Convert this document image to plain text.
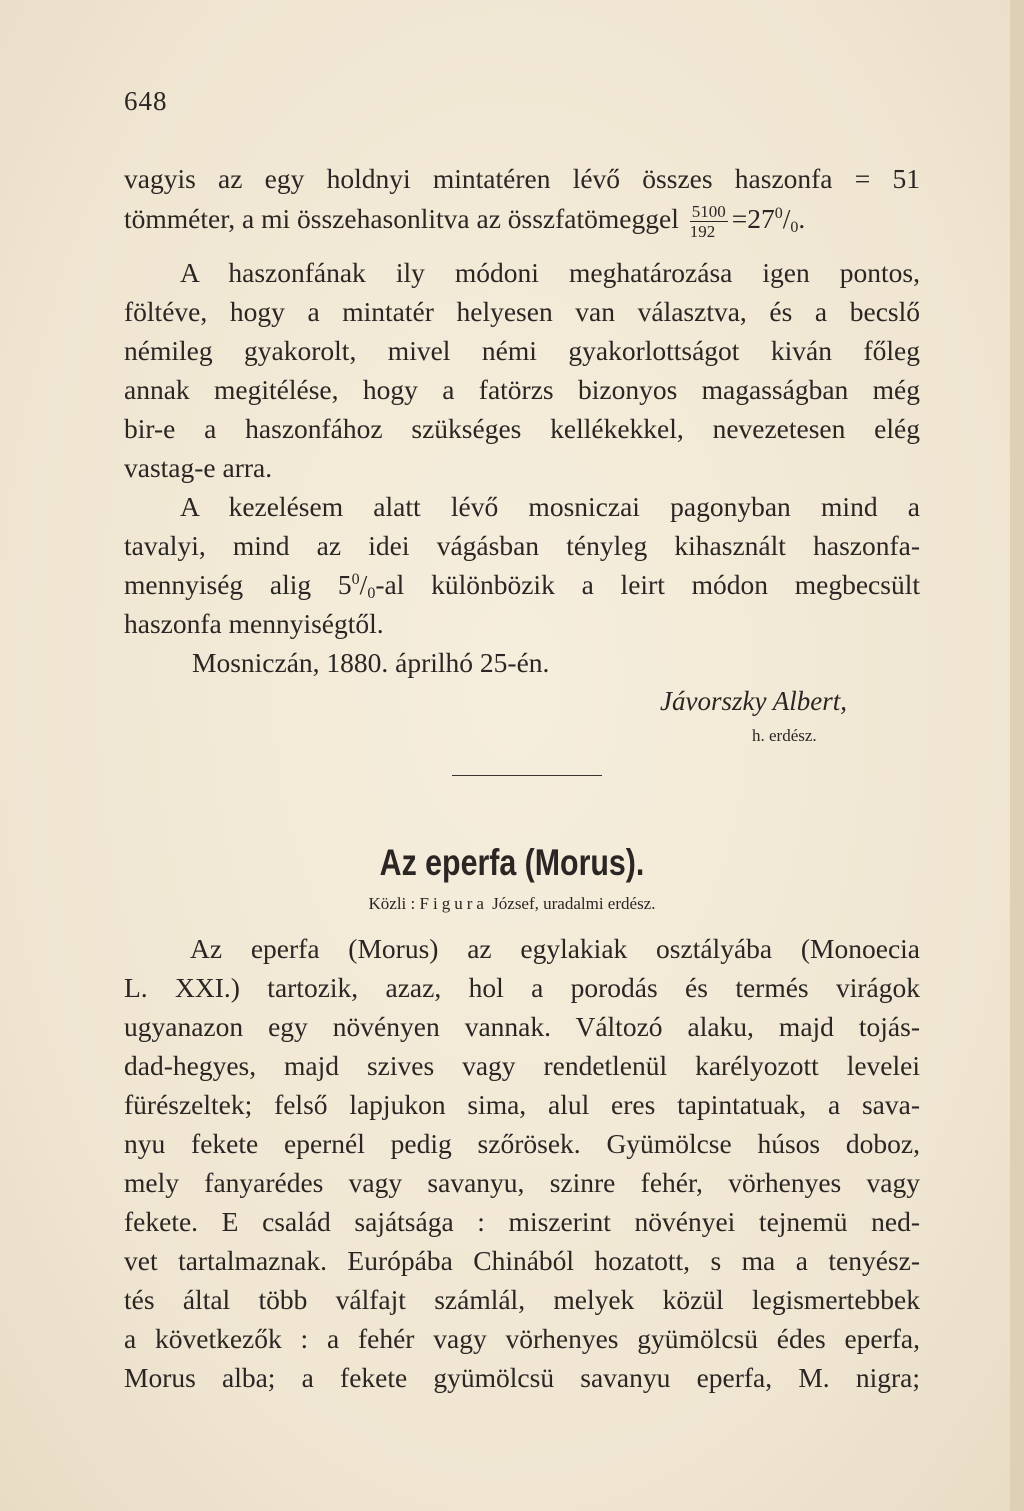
648
vagyis az egy holdnyi mintatéren lévő összes haszonfa = 51
tömméter, a mi összehasonlitva az összfatömeggel $\frac{5100}{192} =27^0/_0$.
A haszonfának ily módoni meghatározása igen pontos,
föltéve, hogy a mintatér helyesen van választva, és a becslő
némileg gyakorolt, mivel némi gyakorlottságot kiván főleg
annak megitélése, hogy a fatörzs bizonyos magasságban még
bir-e a haszonfához szükséges kellékekkel, nevezetesen elég
vastag-e arra.
A kezelésem alatt lévő mosniczai pagonyban mind a
tavalyi, mind az idei vágásban tényleg kihasznált haszonfa-
mennyiség alig $5^0/_0-al$ különbözik a leirt módon megbecsült
haszonfa mennyiségtől.
Mosniczán, 1880. áprilhó 25-én.
Jávorszky Albert,
h. erdész.
Az eperfa (Morus).
Közli : Figura József, uradalmi erdész.
Az eperfa (Morus) az egylakiak osztályába (Monoecia
L. XXI.) tartozik, azaz, hol a porodás és termés virágok
ugyanazon egy növényen vannak. Változó alaku, majd tojás-
dad-hegyes, majd szives vagy rendetlenül karélyozott levelei
fürészeltek; felső lapjukon sima, alul eres tapintatuak, a sava-
nyu fekete epernél pedig szőrösek. Gyümölcse húsos doboz,
mely fanyarédes vagy savanyu, szinre fehér, vörhenyes vagy
fekete. E család sajátsága : miszerint növényei tejnemü ned-
vet tartalmaznak. Európába Chinából hozatott, s ma a tenyész-
tés által több válfajt számlál, melyek közül legismertebbek
a következők : a fehér vagy vörhenyes gyümölcsü édes eperfa,
Morus alba; a fekete gyümölcsü savanyu eperfa, M. nigra;
